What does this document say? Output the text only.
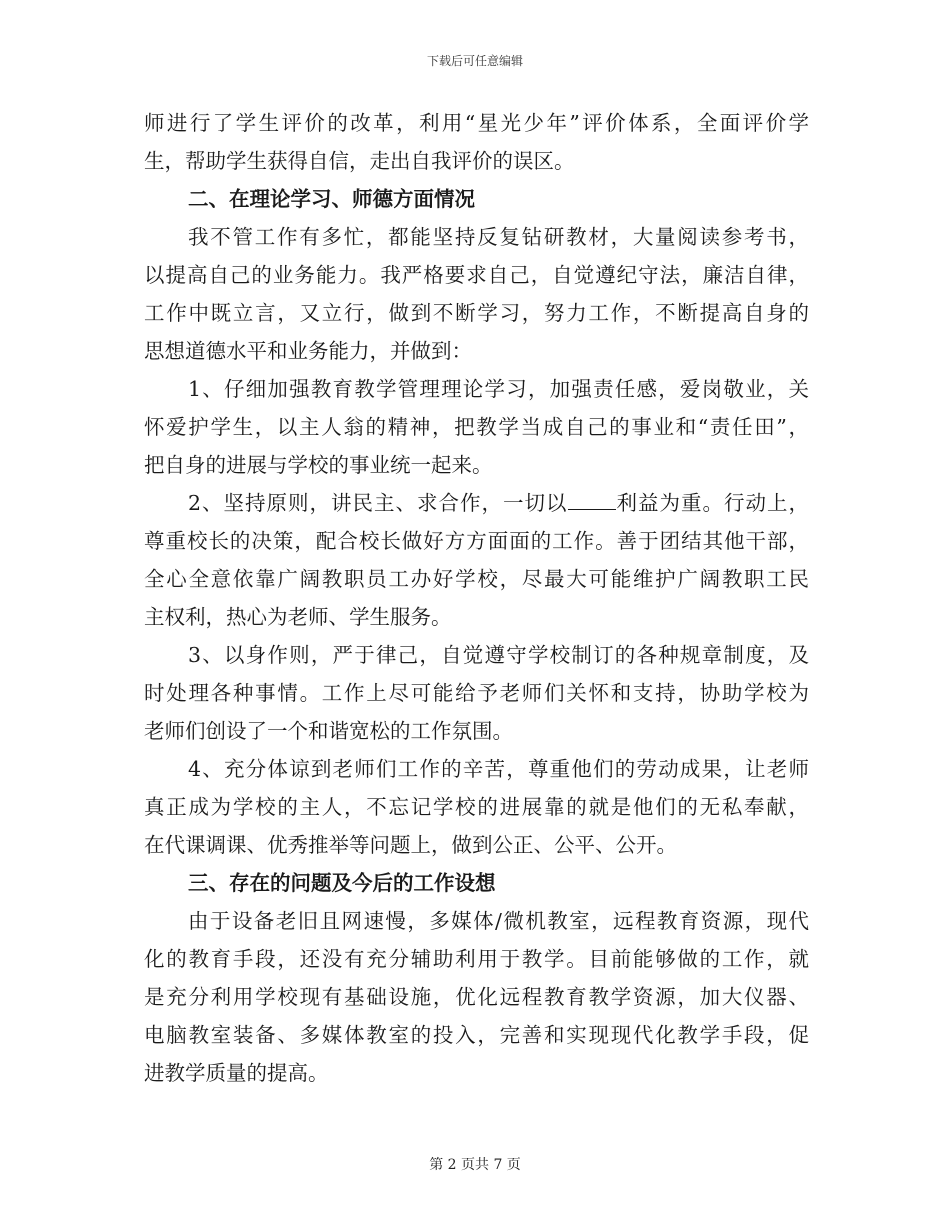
下载后可任意编辑
师进行了学生评价的改革，利用“星光少年”评价体系，全面评价学
生，帮助学生获得自信，走出自我评价的误区。
二、在理论学习、师德方面情况
我不管工作有多忙，都能坚持反复钻研教材，大量阅读参考书，
以提高自己的业务能力。我严格要求自己，自觉遵纪守法，廉洁自律，
工作中既立言，又立行，做到不断学习，努力工作，不断提高自身的
思想道德水平和业务能力，并做到：
1、仔细加强教育教学管理理论学习，加强责任感，爱岗敬业，关
怀爱护学生，以主人翁的精神，把教学当成自己的事业和“责任田”，
把自身的进展与学校的事业统一起来。
2、坚持原则，讲民主、求合作，一切以 利益为重。行动上，
尊重校长的决策，配合校长做好方方面面的工作。善于团结其他干部，
全心全意依靠广阔教职员工办好学校，尽最大可能维护广阔教职工民
主权利，热心为老师、学生服务。
3、以身作则，严于律己，自觉遵守学校制订的各种规章制度，及
时处理各种事情。工作上尽可能给予老师们关怀和支持，协助学校为
老师们创设了一个和谐宽松的工作氛围。
4、充分体谅到老师们工作的辛苦，尊重他们的劳动成果，让老师
真正成为学校的主人，不忘记学校的进展靠的就是他们的无私奉献，
在代课调课、优秀推举等问题上，做到公正、公平、公开。
三、存在的问题及今后的工作设想
由于设备老旧且网速慢，多媒体/微机教室，远程教育资源，现代
化的教育手段，还没有充分辅助利用于教学。目前能够做的工作，就
是充分利用学校现有基础设施，优化远程教育教学资源，加大仪器、
电脑教室装备、多媒体教室的投入，完善和实现现代化教学手段，促
进教学质量的提高。
第 2 页共 7 页
